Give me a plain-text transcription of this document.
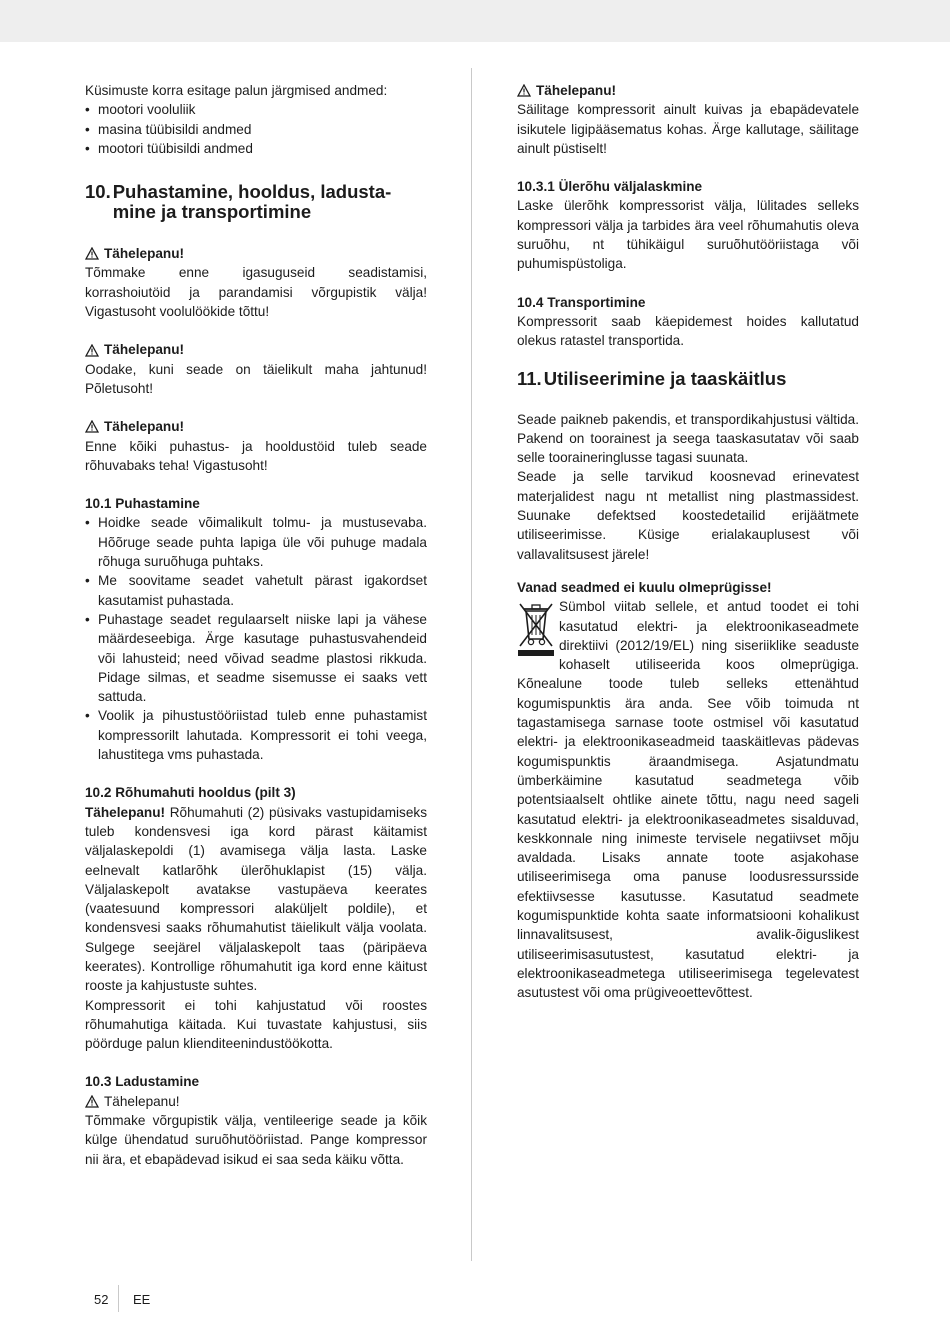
Küsimuste korra esitage palun järgmised andmed:

• mootori vooluliik
• masina tüübisildi andmed
• mootori tüübisildi andmed
10. Puhastamine, hooldus, ladusta-mine ja transportimine
Tähelepanu!

Tõmmake enne igasuguseid seadistamisi, korrashoiutöid ja parandamisi võrgupistik välja! Vigastusoht voolulöökide tõttu!

Tähelepanu!

Oodake, kuni seade on täielikult maha jahtunud! Põletusoht!

Tähelepanu!

Enne kõiki puhastus- ja hooldustöid tuleb seade rõhuvabaks teha! Vigastusoht!

10.1 Puhastamine

• Hoidke seade võimalikult tolmu- ja mustusevaba. Hõõruge seade puhta lapiga üle või puhuge madala rõhuga suruõhuga puhtaks.
• Me soovitame seadet vahetult pärast igakordset kasutamist puhastada.
• Puhastage seadet regulaarselt niiske lapi ja vähese määrdeseebiga. Ärge kasutage puhastusvahendeid või lahusteid; need võivad seadme plastosi rikkuda. Pidage silmas, et seadme sisemusse ei saaks vett sattuda.
• Voolik ja pihustustööriistad tuleb enne puhastamist kompressorilt lahutada. Kompressorit ei tohi veega, lahustitega vms puhastada.

10.2 Rõhumahuti hooldus (pilt 3)

Tähelepanu! Rõhumahuti (2) püsivaks vastupidamiseks tuleb kondensvesi iga kord pärast käitamist väljalaskepoldi (1) avamisega välja lasta. Laske eelnevalt katlarõhk ülerõhuklapist (15) välja. Väljalaskepolt avatakse vastupäeva keerates (vaatesuund kompressori alaküljelt poldile), et kondensvesi saaks rõhumahutist täielikult välja voolata. Sulgege seejärel väljalaskepolt taas (päripäeva keerates). Kontrollige rõhumahutit iga kord enne käitust rooste ja kahjustuste suhtes.

Kompressorit ei tohi kahjustatud või roostes rõhumahutiga käitada. Kui tuvastate kahjustusi, siis pöörduge palun klienditeenindustöökotta.

10.3 Ladustamine

Tähelepanu!

Tõmmake võrgupistik välja, ventileerige seade ja kõik külge ühendatud suruõhutööriistad. Pange kompressor nii ära, et ebapädevad isikud ei saa seda käiku võtta.

Tähelepanu!

Säilitage kompressorit ainult kuivas ja ebapädevatele isikutele ligipääsematus kohas. Ärge kallutage, säilitage ainult püstiselt!

10.3.1 Ülerõhu väljalaskmine

Laske ülerõhk kompressorist välja, lülitades selleks kompressori välja ja tarbides ära veel rõhumahutis oleva suruõhu, nt tühikäigul suruõhutööriistaga või puhumispüstoliga.

10.4 Transportimine

Kompressorit saab käepidemest hoides kallutatud olekus ratastel transportida.

11. Utiliseerimine ja taaskäitlus

Seade paikneb pakendis, et transpordikahjustusi vältida. Pakend on toorainest ja seega taaskasutatav või saab selle tooraineringlusse tagasi suunata.

Seade ja selle tarvikud koosnevad erinevatest materjalidest nagu nt metallist ning plastmassidest. Suunake defektsed koostedetailid erijäätmete utiliseerimisse. Küsige erialakauplusest või vallavalitsusest järele!

Vanad seadmed ei kuulu olmeprügisse!

Sümbol viitab sellele, et antud toodet ei tohi kasutatud elektri- ja elektroonikaseadmete direktiivi (2012/19/EL) ning siseriiklike seaduste kohaselt utiliseerida koos olmeprügiga. Kõnealune toode tuleb selleks ettenähtud kogumispunktis ära anda. See võib toimuda nt tagastamisega sarnase toote ostmisel või kasutatud elektri- ja elektroonikaseadmeid taaskäitlevas pädevas kogumispunktis äraandmisega. Asjatundmatu ümberkäimine kasutatud seadmetega võib potentsiaalselt ohtlike ainete tõttu, nagu need sageli kasutatud elektri- ja elektroonikaseadmetes sisalduvad, keskkonnale ning inimeste tervisele negatiivset mõju avaldada. Lisaks annate toote asjakohase utiliseerimisega oma panuse loodusressursside efektiivsesse kasutusse. Kasutatud seadmete kogumispunktide kohta saate informatsiooni kohalikust linnavalitsusest, avalik-õiguslikest utiliseerimisasutustest, kasutatud elektri- ja elektroonikaseadmetega utiliseerimisega tegelevatest asutustest või oma prügiveoettevõttest.

52 EE
